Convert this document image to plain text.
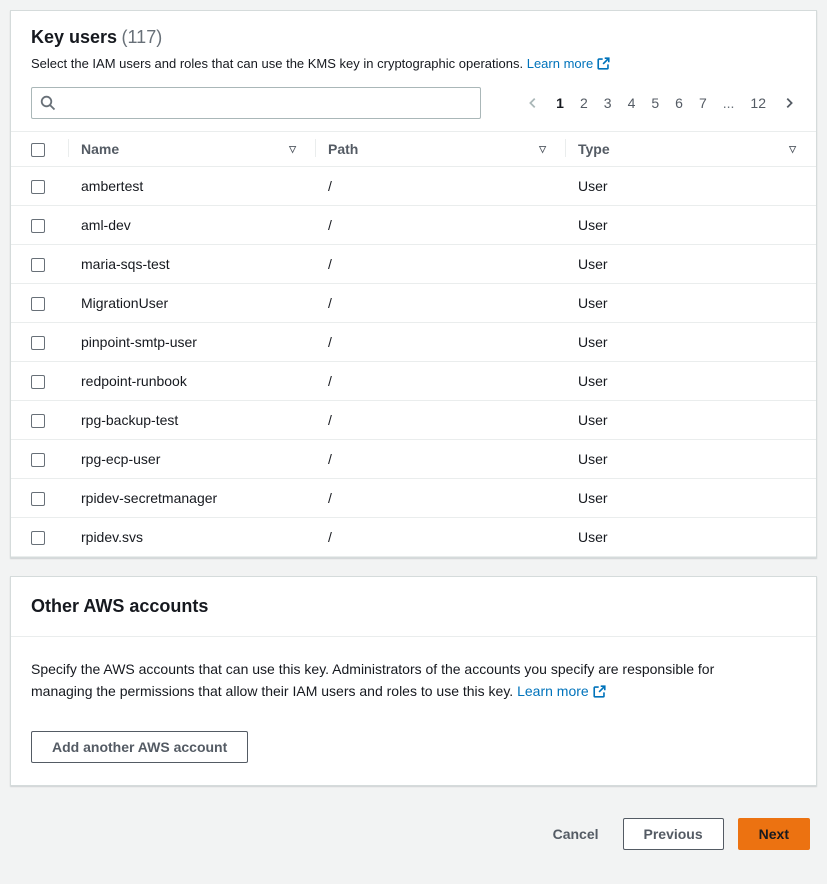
Key users (117)
Select the IAM users and roles that can use the KMS key in cryptographic operations. Learn more
1 2 3 4 5 6 7 ... 12

	Name ▽	Path ▽	Type ▽

	ambertest	/	User
	aml-dev	/	User
	maria-sqs-test	/	User
	MigrationUser	/	User
	pinpoint-smtp-user	/	User
	redpoint-runbook	/	User
	rpg-backup-test	/	User
	rpg-ecp-user	/	User
	rpidev-secretmanager	/	User
	rpidev.svs	/	User
Other AWS accounts
Specify the AWS accounts that can use this key. Administrators of the accounts you specify are responsible for managing the permissions that allow their IAM users and roles to use this key. Learn more
Add another AWS account
Cancel	Previous	Next
